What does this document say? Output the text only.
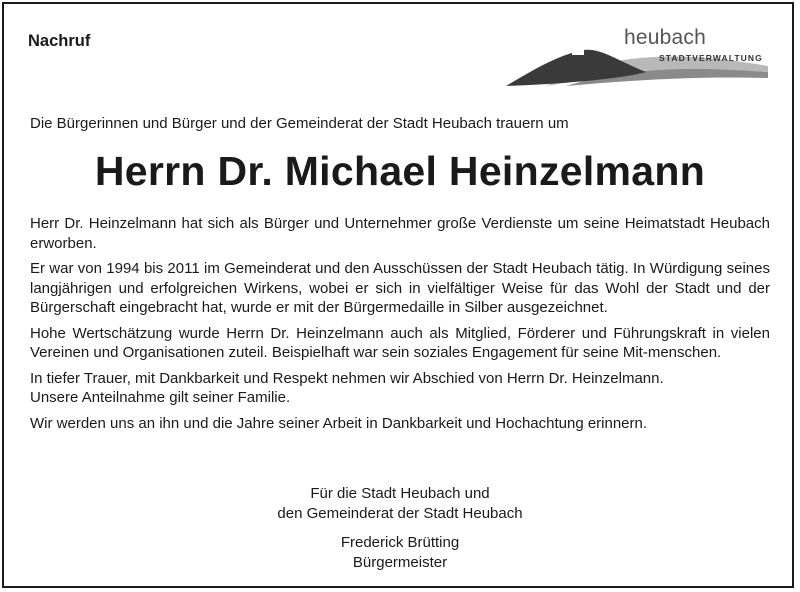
Nachruf	heubach
STADTVERWALTUNG
Die Bürgerinnen und Bürger und der Gemeinderat der Stadt Heubach trauern um
Herrn Dr. Michael Heinzelmann

Herr Dr. Heinzelmann hat sich als Bürger und Unternehmer große Verdienste um seine Heimatstadt Heubach erworben.

Er war von 1994 bis 2011 im Gemeinderat und den Ausschüssen der Stadt Heubach tätig. In Würdigung seines langjährigen und erfolgreichen Wirkens, wobei er sich in vielfältiger Weise für das Wohl der Stadt und der Bürgerschaft eingebracht hat, wurde er mit der Bürgermedaille in Silber ausgezeichnet.

Hohe Wertschätzung wurde Herrn Dr. Heinzelmann auch als Mitglied, Förderer und Führungskraft in vielen Vereinen und Organisationen zuteil. Beispielhaft war sein soziales Engagement für seine Mit-menschen.

In tiefer Trauer, mit Dankbarkeit und Respekt nehmen wir Abschied von Herrn Dr. Heinzelmann.

Unsere Anteilnahme gilt seiner Familie.

Wir werden uns an ihn und die Jahre seiner Arbeit in Dankbarkeit und Hochachtung erinnern.

Für die Stadt Heubach und
den Gemeinderat der Stadt Heubach
Frederick Brütting
Bürgermeister
